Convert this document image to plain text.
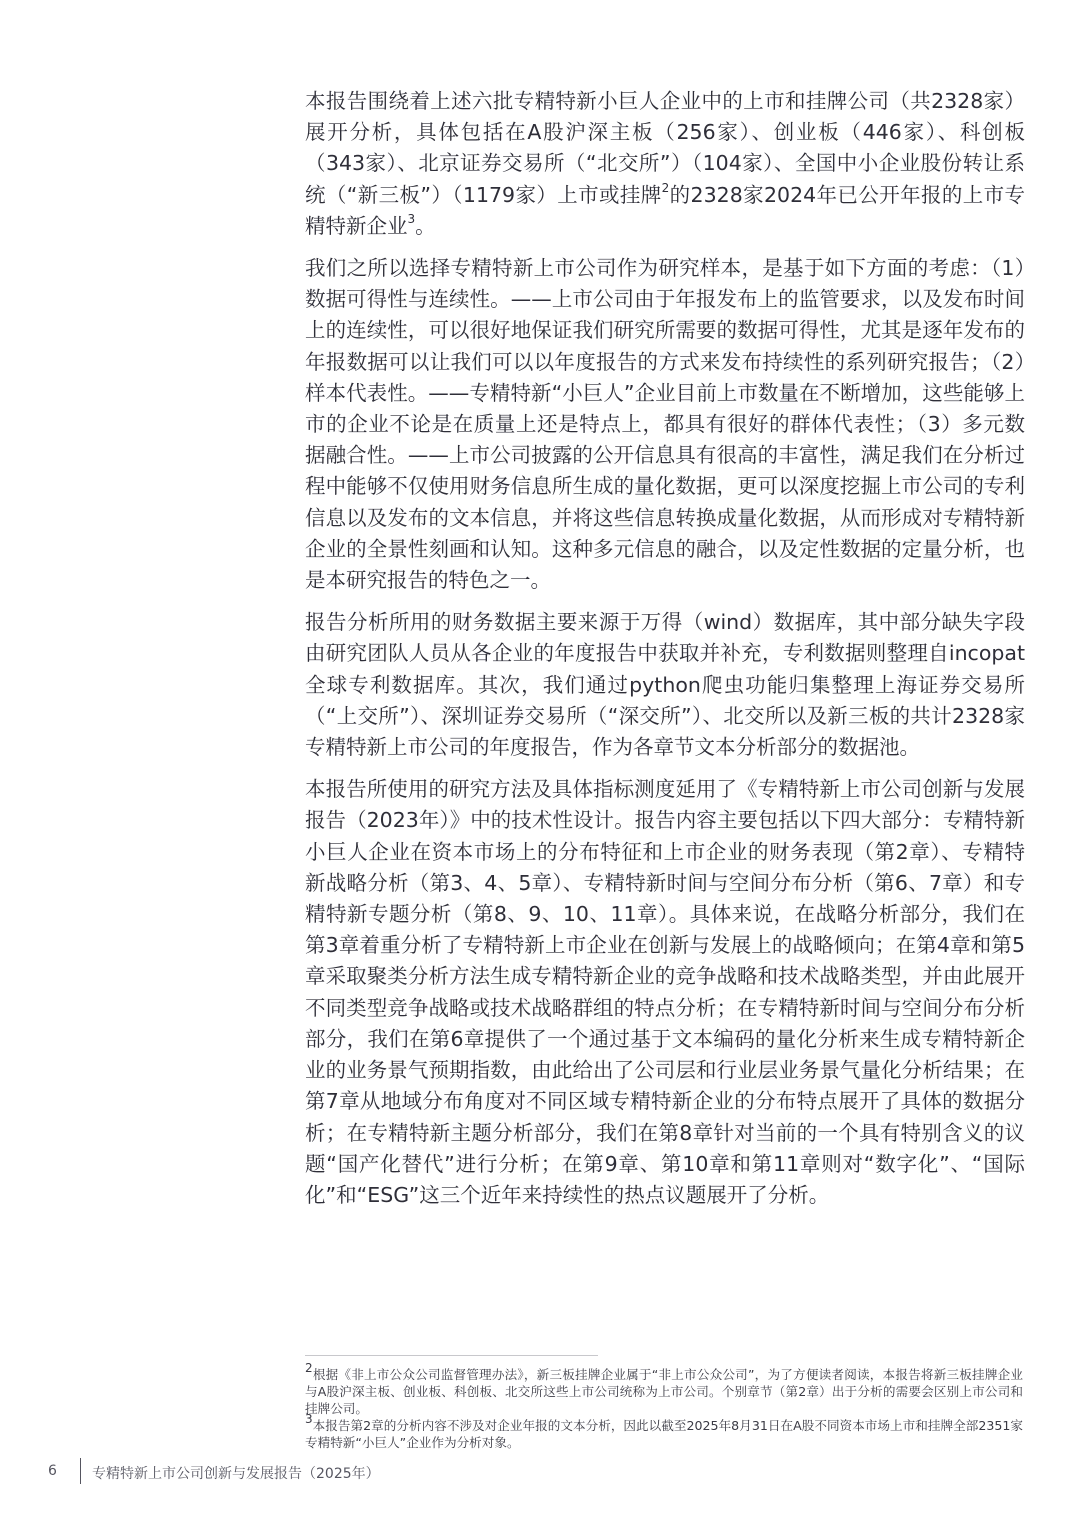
本报告围绕着上述六批专精特新小巨人企业中的上市和挂牌公司（共2328家）展开分析，具体包括在A股沪深主板（256家）、创业板（446家）、科创板（343家）、北京证券交易所（“北交所”）（104家）、全国中小企业股份转让系统（“新三板”）（1179家）上市或挂牌$^2$的2328家2024年已公开年报的上市专精特新企业$^3$。

我们之所以选择专精特新上市公司作为研究样本，是基于如下方面的考虑：（1）数据可得性与连续性。——上市公司由于年报发布上的监管要求，以及发布时间上的连续性，可以很好地保证我们研究所需要的数据可得性，尤其是逐年发布的年报数据可以让我们可以以年度报告的方式来发布持续性的系列研究报告；（2）样本代表性。——专精特新“小巨人”企业目前上市数量在不断增加，这些能够上市的企业不论是在质量上还是特点上，都具有很好的群体代表性；（3）多元数据融合性。——上市公司披露的公开信息具有很高的丰富性，满足我们在分析过程中能够不仅使用财务信息所生成的量化数据，更可以深度挖掘上市公司的专利信息以及发布的文本信息，并将这些信息转换成量化数据，从而形成对专精特新企业的全景性刻画和认知。这种多元信息的融合，以及定性数据的定量分析，也是本研究报告的特色之一。

报告分析所用的财务数据主要来源于万得（wind）数据库，其中部分缺失字段由研究团队人员从各企业的年度报告中获取并补充，专利数据则整理自incopat全球专利数据库。其次，我们通过python爬虫功能归集整理上海证券交易所（“上交所”）、深圳证券交易所（“深交所”）、北交所以及新三板的共计2328家专精特新上市公司的年度报告，作为各章节文本分析部分的数据池。

本报告所使用的研究方法及具体指标测度延用了《专精特新上市公司创新与发展报告（2023年）》中的技术性设计。报告内容主要包括以下四大部分：专精特新小巨人企业在资本市场上的分布特征和上市企业的财务表现（第2章）、专精特新战略分析（第3、4、5章）、专精特新时间与空间分布分析（第6、7章）和专精特新专题分析（第8、9、10、11章）。具体来说，在战略分析部分，我们在第3章着重分析了专精特新上市企业在创新与发展上的战略倾向；在第4章和第5章采取聚类分析方法生成专精特新企业的竞争战略和技术战略类型，并由此展开不同类型竞争战略或技术战略群组的特点分析；在专精特新时间与空间分布分析部分，我们在第6章提供了一个通过基于文本编码的量化分析来生成专精特新企业的业务景气预期指数，由此给出了公司层和行业层业务景气量化分析结果；在第7章从地域分布角度对不同区域专精特新企业的分布特点展开了具体的数据分析；在专精特新主题分析部分，我们在第8章针对当前的一个具有特别含义的议题“国产化替代”进行分析；在第9章、第10章和第11章则对“数字化”、“国际化”和“ESG”这三个近年来持续性的热点议题展开了分析。

$^2$根据《非上市公众公司监督管理办法》，新三板挂牌企业属于“非上市公众公司”，为了方便读者阅读，本报告将新三板挂牌企业与A股沪深主板、创业板、科创板、北交所这些上市公司统称为上市公司。个别章节（第2章）出于分析的需要会区别上市公司和挂牌公司。

$^3$本报告第2章的分析内容不涉及对企业年报的文本分析，因此以截至2025年8月31日在A股不同资本市场上市和挂牌全部2351家专精特新“小巨人”企业作为分析对象。

6	专精特新上市公司创新与发展报告（2025年）
